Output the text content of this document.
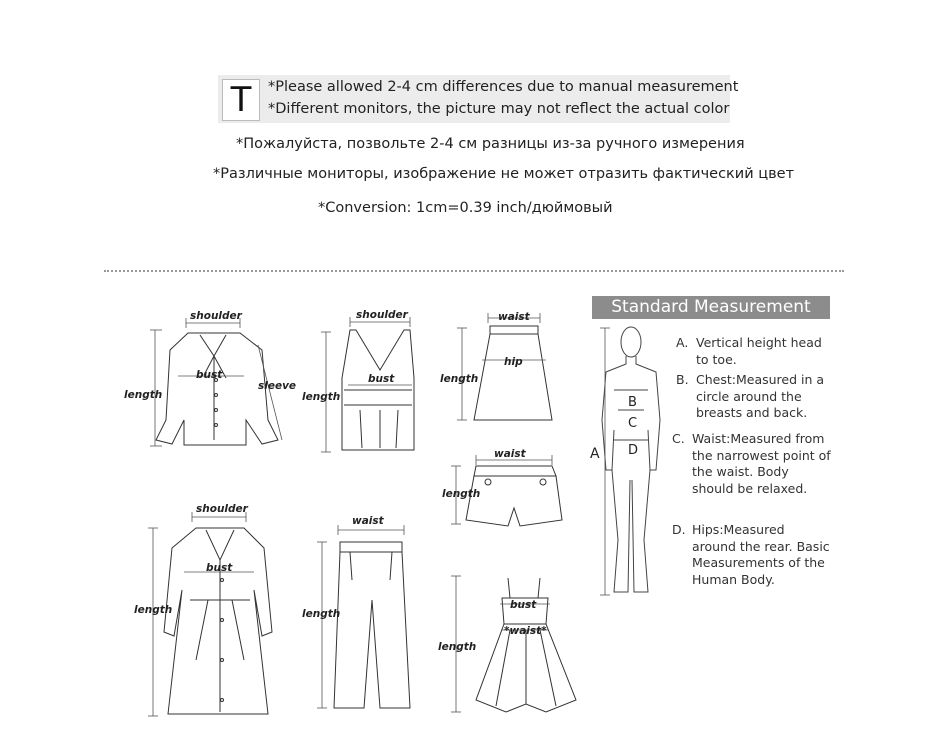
T	*Please allowed 2-4 cm differences due to manual measurement
*Different monitors, the picture may not reflect the actual color
*Пожалуйста, позвольте 2-4 см разницы из-за ручного измерения
*Различные мониторы, изображение не может отразить фактический цвет
*Conversion: 1cm=0.39 inch/дюймовый
shoulder
bust
sleeve
length
shoulder
bust
length
waist
hip
length
waist
length
shoulder
bust
length
waist
length
bust
*waist*
length
A
B
C
D
Standard Measurement
A. Vertical height head to toe.
B. Chest:Measured in a circle around the breasts and back.
C. Waist:Measured from the narrowest point of the waist. Body should be relaxed.
D. Hips:Measured around the rear. Basic Measurements of the Human Body.
